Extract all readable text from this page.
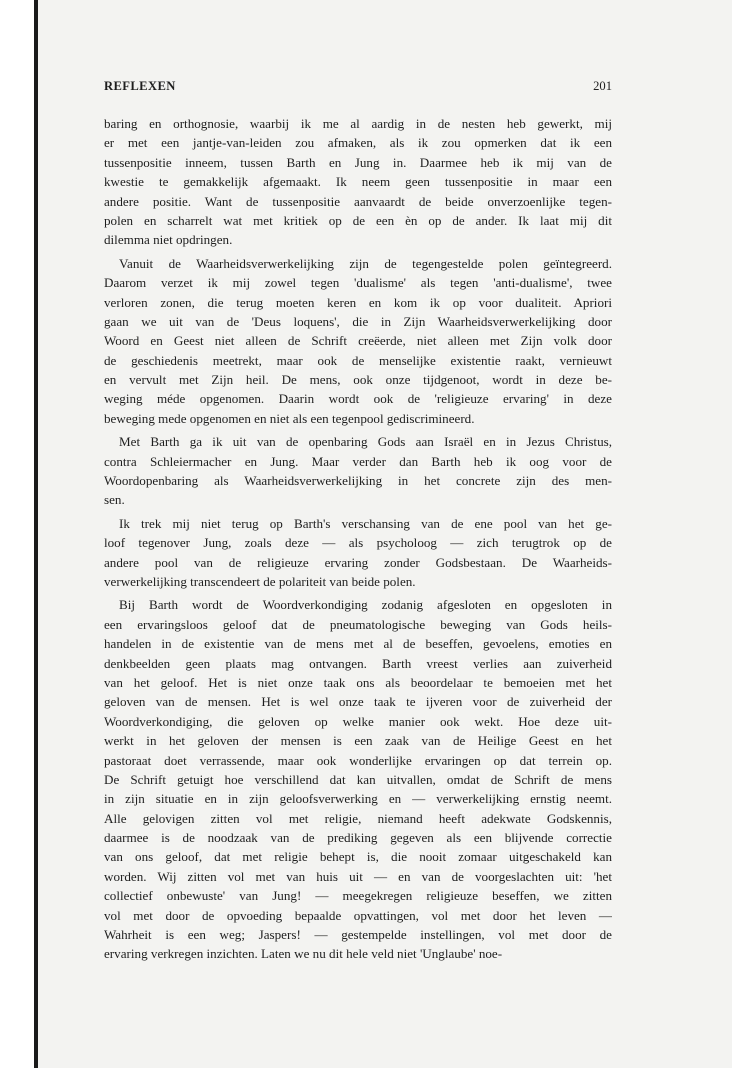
REFLEXEN	201
baring en orthognosie, waarbij ik me al aardig in de nesten heb gewerkt, mij
er met een jantje-van-leiden zou afmaken, als ik zou opmerken dat ik een
tussenpositie inneem, tussen Barth en Jung in. Daarmee heb ik mij van de
kwestie te gemakkelijk afgemaakt. Ik neem geen tussenpositie in maar een
andere positie. Want de tussenpositie aanvaardt de beide onverzoenlijke tegen-
polen en scharrelt wat met kritiek op de een èn op de ander. Ik laat mij dit
dilemma niet opdringen.
Vanuit de Waarheidsverwerkelijking zijn de tegengestelde polen geïntegreerd.
Daarom verzet ik mij zowel tegen 'dualisme' als tegen 'anti-dualisme', twee
verloren zonen, die terug moeten keren en kom ik op voor dualiteit. Apriori
gaan we uit van de 'Deus loquens', die in Zijn Waarheidsverwerkelijking door
Woord en Geest niet alleen de Schrift creëerde, niet alleen met Zijn volk door
de geschiedenis meetrekt, maar ook de menselijke existentie raakt, vernieuwt
en vervult met Zijn heil. De mens, ook onze tijdgenoot, wordt in deze be-
weging méde opgenomen. Daarin wordt ook de 'religieuze ervaring' in deze
beweging mede opgenomen en niet als een tegenpool gediscrimineerd.
Met Barth ga ik uit van de openbaring Gods aan Israël en in Jezus Christus,
contra Schleiermacher en Jung. Maar verder dan Barth heb ik oog voor de
Woordopenbaring als Waarheidsverwerkelijking in het concrete zijn des men-
sen.
Ik trek mij niet terug op Barth's verschansing van de ene pool van het ge-
loof tegenover Jung, zoals deze — als psycholoog — zich terugtrok op de
andere pool van de religieuze ervaring zonder Godsbestaan. De Waarheids-
verwerkelijking transcendeert de polariteit van beide polen.
Bij Barth wordt de Woordverkondiging zodanig afgesloten en opgesloten in
een ervaringsloos geloof dat de pneumatologische beweging van Gods heils-
handelen in de existentie van de mens met al de beseffen, gevoelens, emoties en
denkbeelden geen plaats mag ontvangen. Barth vreest verlies aan zuiverheid
van het geloof. Het is niet onze taak ons als beoordelaar te bemoeien met het
geloven van de mensen. Het is wel onze taak te ijveren voor de zuiverheid der
Woordverkondiging, die geloven op welke manier ook wekt. Hoe deze uit-
werkt in het geloven der mensen is een zaak van de Heilige Geest en het
pastoraat doet verrassende, maar ook wonderlijke ervaringen op dat terrein op.
De Schrift getuigt hoe verschillend dat kan uitvallen, omdat de Schrift de mens
in zijn situatie en in zijn geloofsverwerking en — verwerkelijking ernstig neemt.
Alle gelovigen zitten vol met religie, niemand heeft adekwate Godskennis,
daarmee is de noodzaak van de prediking gegeven als een blijvende correctie
van ons geloof, dat met religie behept is, die nooit zomaar uitgeschakeld kan
worden. Wij zitten vol met van huis uit — en van de voorgeslachten uit: 'het
collectief onbewuste' van Jung! — meegekregen religieuze beseffen, we zitten
vol met door de opvoeding bepaalde opvattingen, vol met door het leven —
Wahrheit is een weg; Jaspers! — gestempelde instellingen, vol met door de
ervaring verkregen inzichten. Laten we nu dit hele veld niet 'Unglaube' noe-
